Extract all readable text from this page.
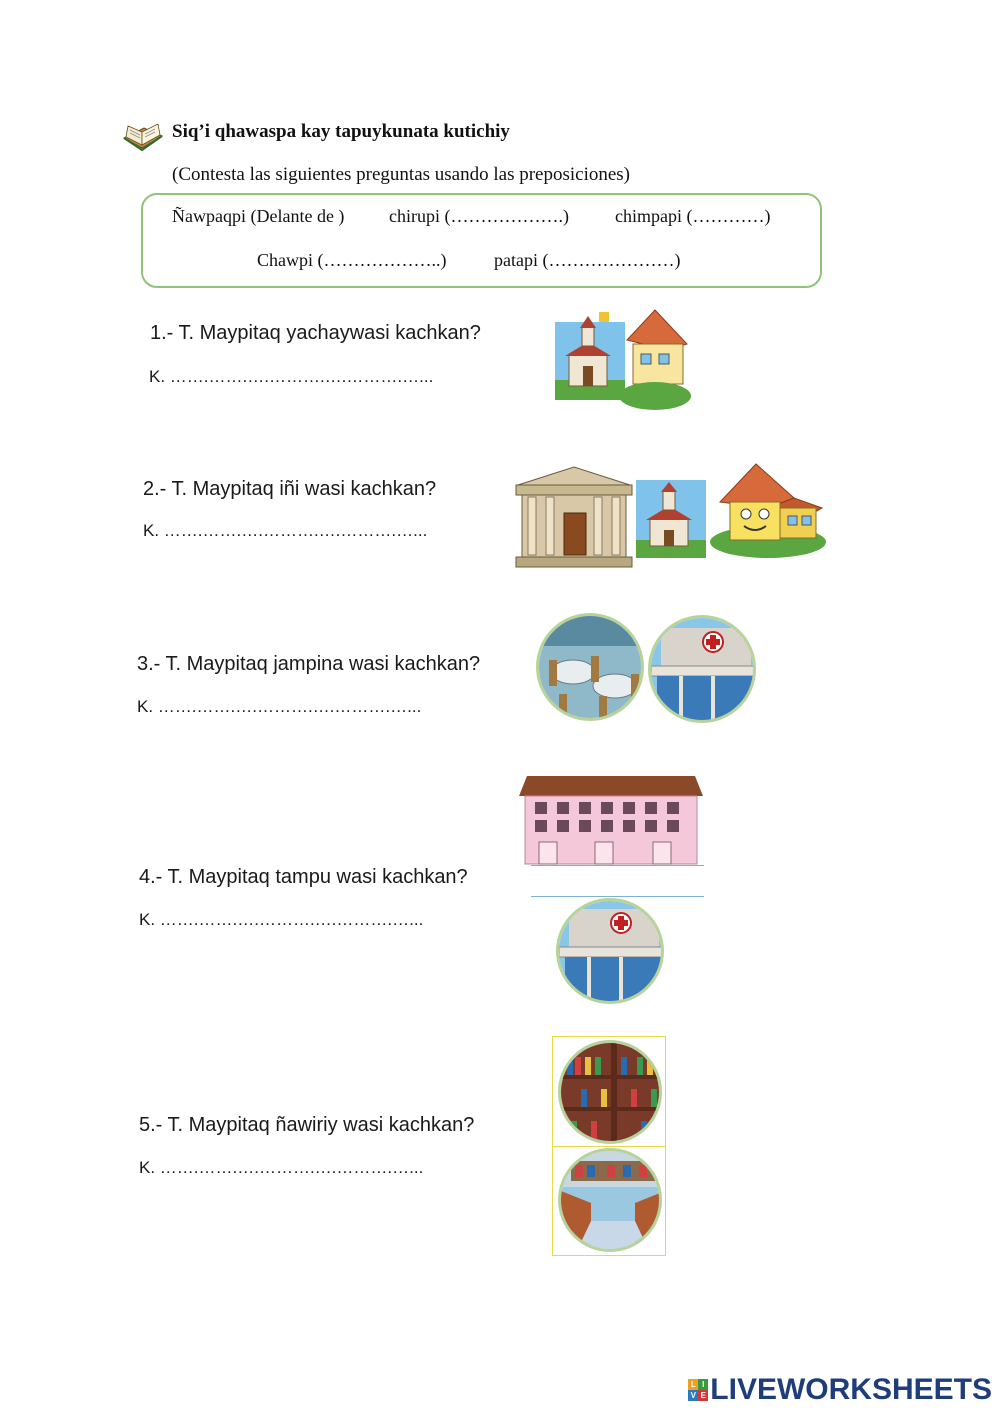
Siq’i qhawaspa kay tapuykunata kutichiy
(Contesta las siguientes preguntas usando las preposiciones)
Ñawpaqpi (Delante de ) chirupi (……………….)	chimpapi (…………)
Chawpi (………………..)	patapi (…………………)
1.- T. Maypitaq yachaywasi kachkan?
K. …….…….….……….….……….…...
2.- T. Maypitaq iñi wasi kachkan?
K. …….…….….……….….……….…...
3.- T. Maypitaq jampina wasi kachkan?
K. …….…….….……….….……….…...
4.- T. Maypitaq tampu wasi kachkan?
K. …….…….….……….….……….…...
5.- T. Maypitaq ñawiriy wasi kachkan?
K. …….…….….……….….……….…...
L I
V E LIVEWORKSHEETS
